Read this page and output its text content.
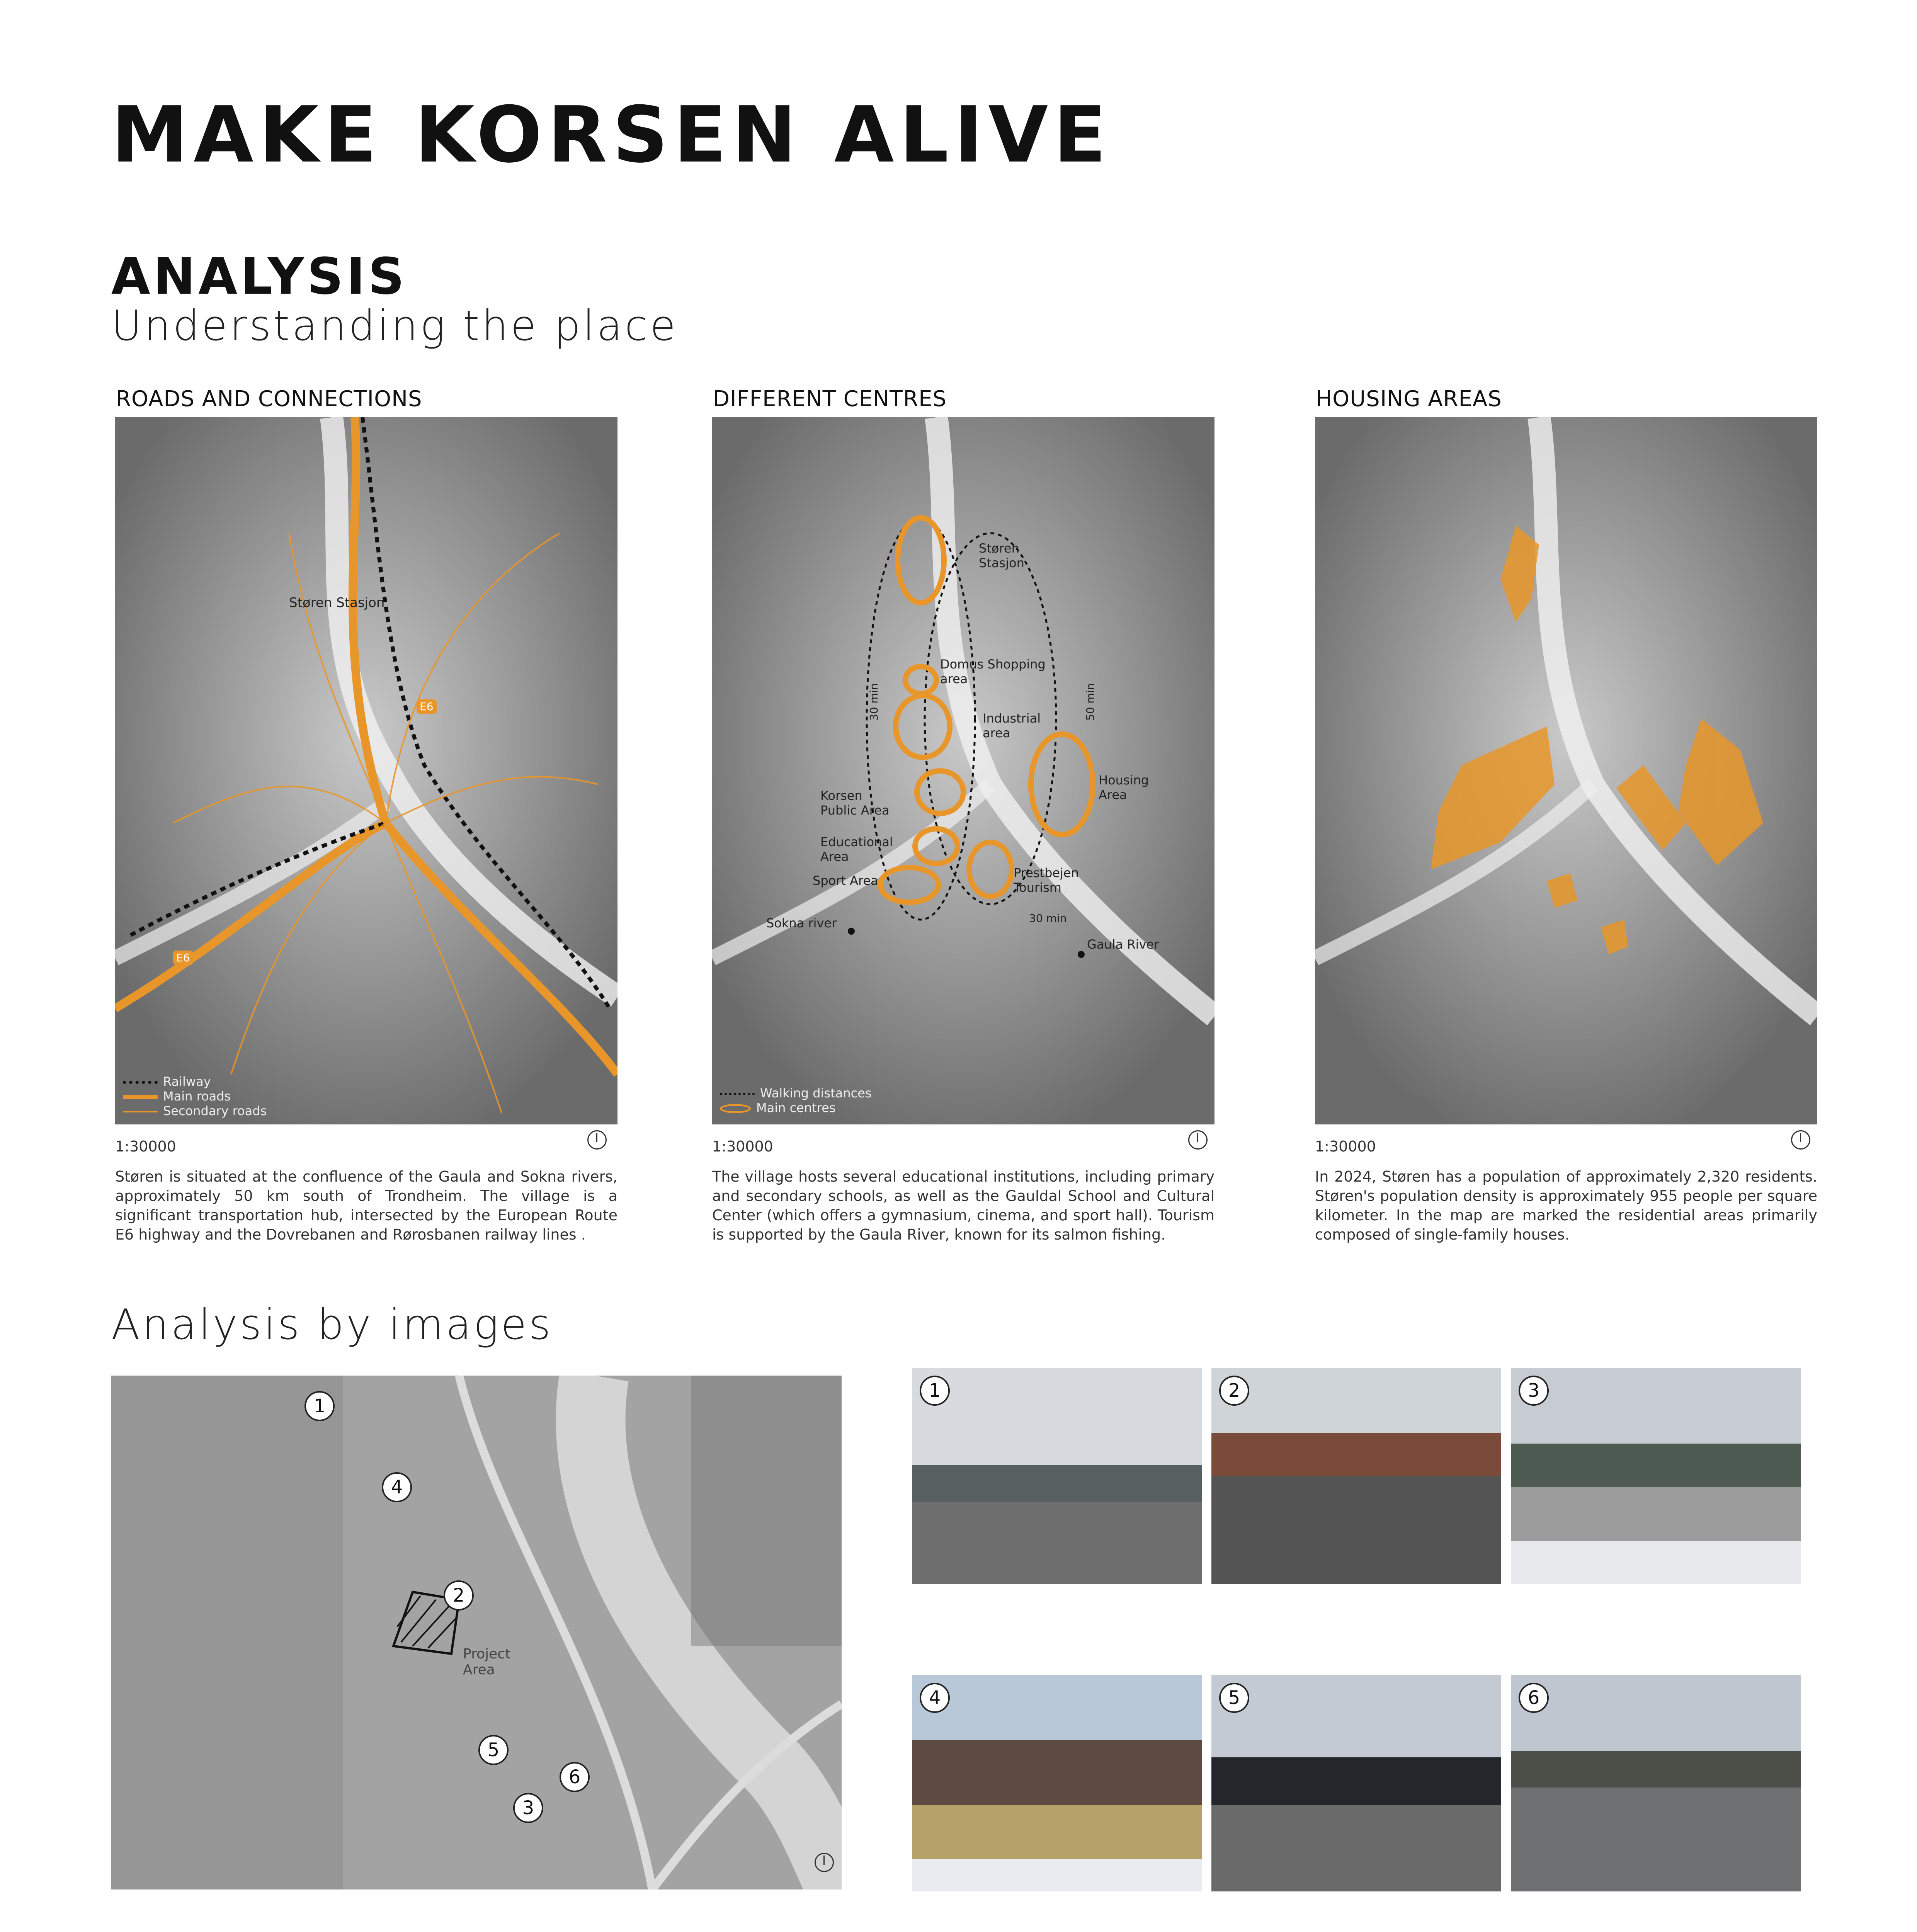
MAKE KORSEN ALIVE
ANALYSIS
Understanding the place
ROADS AND CONNECTIONS
Støren Stasjon
E6
E6
Railway
Main roads
Secondary roads
1:30000
Støren is situated at the confluence of the Gaula and Sokna rivers, approximately 50 km south of Trondheim. The village is a significant transportation hub, intersected by the European Route E6 highway and the Dovrebanen and Rørosbanen railway lines .
DIFFERENT CENTRES
Støren Stasjon
Domus Shopping area
Industrial area
Housing Area
Korsen Public Area
Educational Area
Sport Area
Prestbejen Tourism
Sokna river
Gaula River
30 min	50 min
30 min
Walking distances
Main centres
1:30000
The village hosts several educational institutions, including primary and secondary schools, as well as the Gauldal School and Cultural Center (which offers a gymnasium, cinema, and sport hall). Tourism is supported by the Gaula River, known for its salmon fishing.
HOUSING AREAS
1:30000
In 2024, Støren has a population of approximately 2,320 residents. Støren's population density is approximately 955 people per square kilometer. In the map are marked the residential areas primarily composed of single-family houses.
Analysis by images
Project Area
1
4
2
5
6
3
1	2	3
4	5	6
